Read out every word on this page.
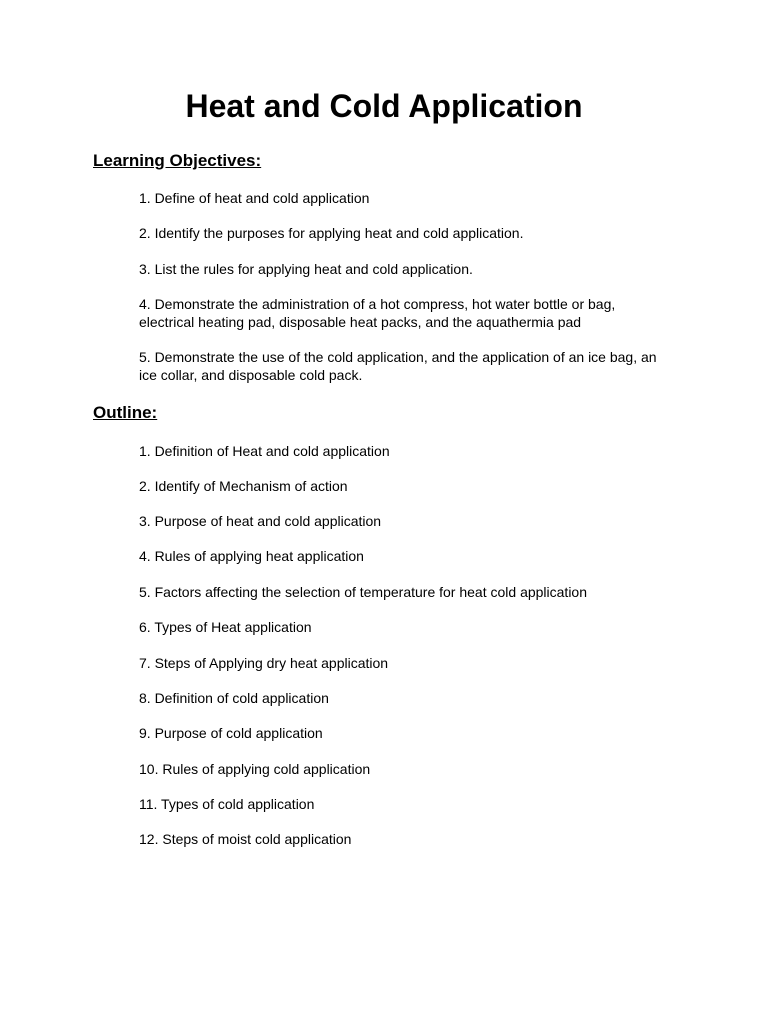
Heat and Cold Application
Learning Objectives:

1. Define of heat and cold application

2. Identify the purposes for applying heat and cold application.

3. List the rules for applying heat and cold application.

4. Demonstrate the administration of a hot compress, hot water bottle or bag, electrical heating pad, disposable heat packs, and the aquathermia pad

5. Demonstrate the use of the cold application, and the application of an ice bag, an ice collar, and disposable cold pack.

Outline:

1. Definition of Heat and cold application

2. Identify of Mechanism of action

3. Purpose of heat and cold application

4. Rules of applying heat application

5. Factors affecting the selection of temperature for heat cold application

6. Types of Heat application

7. Steps of Applying dry heat application

8. Definition of cold application

9. Purpose of cold application

10. Rules of applying cold application

11. Types of cold application

12. Steps of moist cold application
